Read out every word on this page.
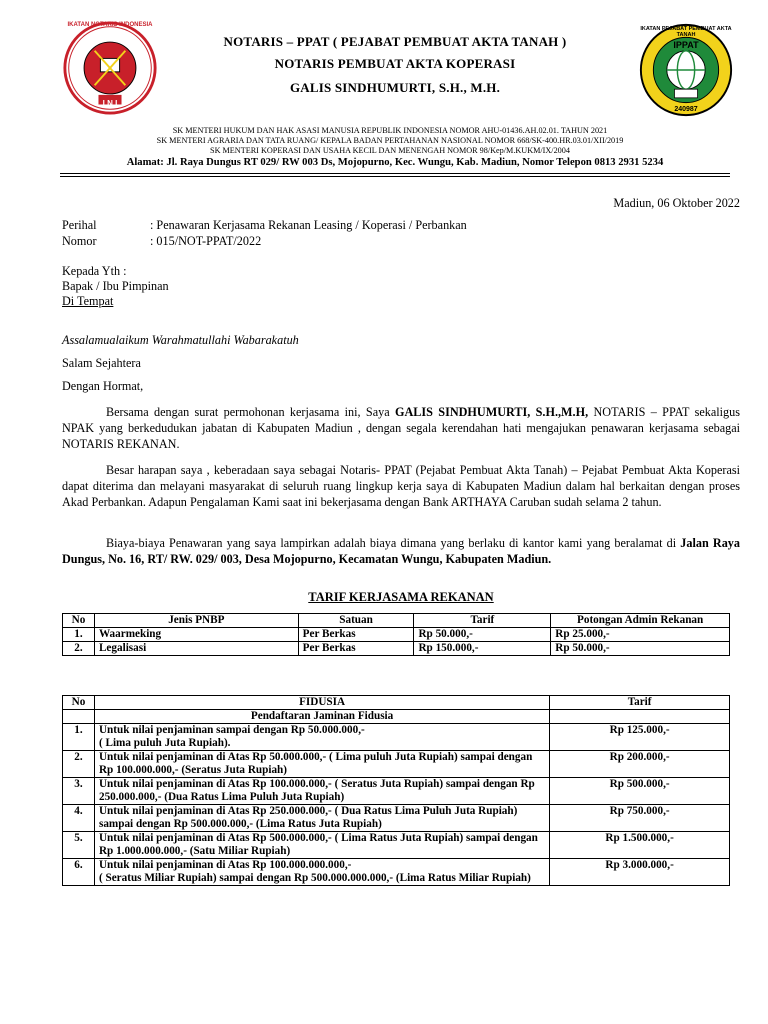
IKATAN NOTARIS INDONESIA
I N I
IKATAN PEJABAT PEMBUAT AKTA TANAH
IPPAT
240987
NOTARIS – PPAT ( PEJABAT PEMBUAT AKTA TANAH )
NOTARIS PEMBUAT AKTA KOPERASI
GALIS SINDHUMURTI, S.H., M.H.
SK MENTERI HUKUM DAN HAK ASASI MANUSIA REPUBLIK INDONESIA NOMOR AHU-01436.AH.02.01. TAHUN 2021
SK MENTERI AGRARIA DAN TATA RUANG/ KEPALA BADAN PERTAHANAN NASIONAL NOMOR 668/SK-400.HR.03.01/XII/2019
SK MENTERI KOPERASI DAN USAHA KECIL DAN MENENGAH NOMOR 98/Kep/M.KUKM/IX/2004
Alamat: Jl. Raya Dungus RT 029/ RW 003 Ds, Mojopurno, Kec. Wungu, Kab. Madiun, Nomor Telepon 0813 2931 5234
Madiun, 06 Oktober 2022
Perihal	: Penawaran Kerjasama Rekanan Leasing / Koperasi / Perbankan
Nomor	: 015/NOT-PPAT/2022
Kepada Yth :
Bapak / Ibu Pimpinan
Di Tempat
Assalamualaikum Warahmatullahi Wabarakatuh
Salam Sejahtera
Dengan Hormat,
Bersama dengan surat permohonan kerjasama ini, Saya GALIS SINDHUMURTI, S.H.,M.H, NOTARIS – PPAT sekaligus NPAK yang berkedudukan jabatan di Kabupaten Madiun , dengan segala kerendahan hati mengajukan penawaran kerjasama sebagai NOTARIS REKANAN.
Besar harapan saya , keberadaan saya sebagai Notaris- PPAT (Pejabat Pembuat Akta Tanah) – Pejabat Pembuat Akta Koperasi dapat diterima dan melayani masyarakat di seluruh ruang lingkup kerja saya di Kabupaten Madiun dalam hal berkaitan dengan proses Akad Perbankan. Adapun Pengalaman Kami saat ini bekerjasama dengan Bank ARTHAYA Caruban sudah selama 2 tahun.
Biaya-biaya Penawaran yang saya lampirkan adalah biaya dimana yang berlaku di kantor kami yang beralamat di Jalan Raya Dungus, No. 16, RT/ RW. 029/ 003, Desa Mojopurno, Kecamatan Wungu, Kabupaten Madiun.
TARIF KERJASAMA REKANAN
No	Jenis PNBP	Satuan	Tarif	Potongan Admin Rekanan
1.	Waarmeking	Per Berkas	Rp 50.000,-	Rp 25.000,-
2.	Legalisasi	Per Berkas	Rp 150.000,-	Rp 50.000,-
No	FIDUSIA	Tarif
	Pendaftaran Jaminan Fidusia	
1.	Untuk nilai penjaminan sampai dengan Rp 50.000.000,-
( Lima puluh Juta Rupiah).	Rp 125.000,-
2.	Untuk nilai penjaminan di Atas Rp 50.000.000,- ( Lima puluh Juta Rupiah) sampai dengan Rp 100.000.000,- (Seratus Juta Rupiah)	Rp 200.000,-
3.	Untuk nilai penjaminan di Atas Rp 100.000.000,- ( Seratus Juta Rupiah) sampai dengan Rp 250.000.000,- (Dua Ratus Lima Puluh Juta Rupiah)	Rp 500.000,-
4.	Untuk nilai penjaminan di Atas Rp 250.000.000,- ( Dua Ratus Lima Puluh Juta Rupiah) sampai dengan Rp 500.000.000,- (Lima Ratus Juta Rupiah)	Rp 750.000,-
5.	Untuk nilai penjaminan di Atas Rp 500.000.000,- ( Lima Ratus Juta Rupiah) sampai dengan Rp 1.000.000.000,- (Satu Miliar Rupiah)	Rp 1.500.000,-
6.	Untuk nilai penjaminan di Atas Rp 100.000.000.000,-
( Seratus Miliar Rupiah) sampai dengan Rp 500.000.000.000,- (Lima Ratus Miliar Rupiah)	Rp 3.000.000,-
